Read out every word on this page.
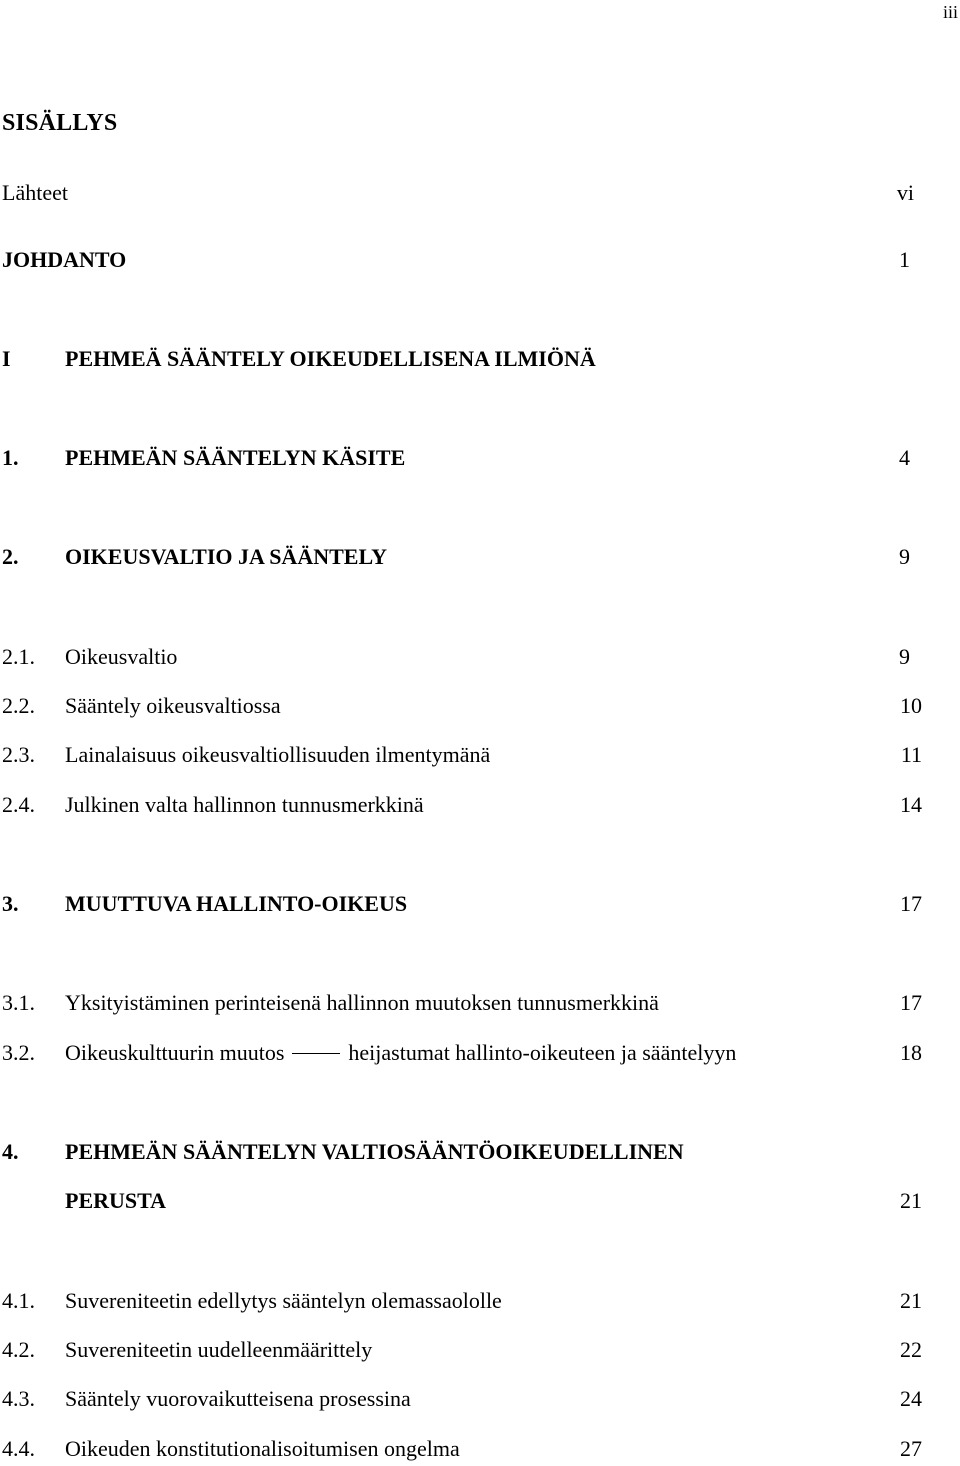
iii
SISÄLLYS
Lähteet	vi
JOHDANTO	1
I PEHMEÄ SÄÄNTELY OIKEUDELLISENA ILMIÖNÄ
1. PEHMEÄN SÄÄNTELYN KÄSITE	4
2. OIKEUSVALTIO JA SÄÄNTELY	9
2.1. Oikeusvaltio	9
2.2. Sääntely oikeusvaltiossa	10
2.3. Lainalaisuus oikeusvaltiollisuuden ilmentymänä	11
2.4. Julkinen valta hallinnon tunnusmerkkinä	14
3. MUUTTUVA HALLINTO-OIKEUS	17
3.1. Yksityistäminen perinteisenä hallinnon muutoksen tunnusmerkkinä	17
3.2. Oikeuskulttuurin muutos	heijastumat hallinto-oikeuteen ja sääntelyyn	18
4. PEHMEÄN SÄÄNTELYN VALTIOSÄÄNTÖOIKEUDELLINEN
PERUSTA	21
4.1. Suvereniteetin edellytys sääntelyn olemassaololle	21
4.2. Suvereniteetin uudelleenmäärittely	22
4.3. Sääntely vuorovaikutteisena prosessina	24
4.4. Oikeuden konstitutionalisoitumisen ongelma	27
